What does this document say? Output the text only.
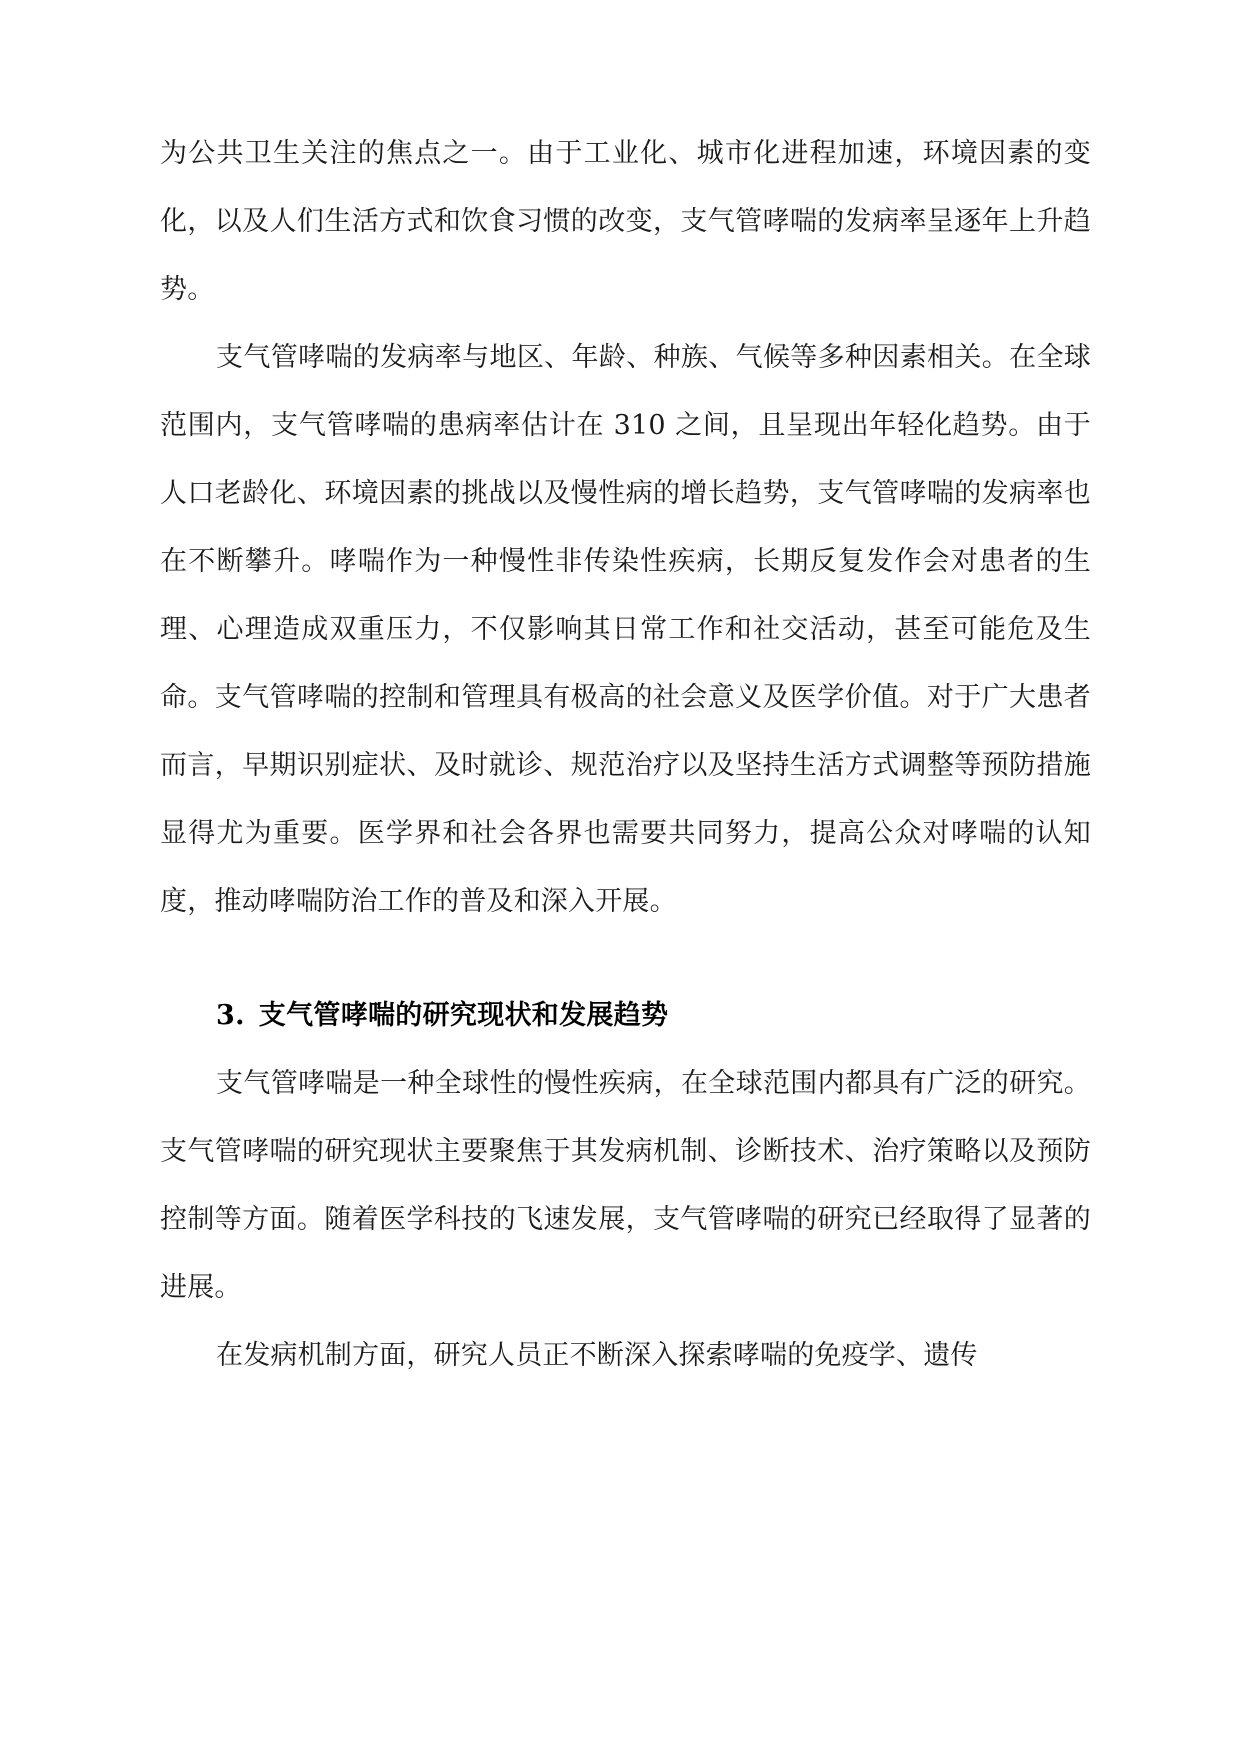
为公共卫生关注的焦点之一。由于工业化、城市化进程加速，环境因素的变化，以及人们生活方式和饮食习惯的改变，支气管哮喘的发病率呈逐年上升趋势。

支气管哮喘的发病率与地区、年龄、种族、气候等多种因素相关。在全球范围内，支气管哮喘的患病率估计在 310 之间，且呈现出年轻化趋势。由于人口老龄化、环境因素的挑战以及慢性病的增长趋势，支气管哮喘的发病率也在不断攀升。哮喘作为一种慢性非传染性疾病，长期反复发作会对患者的生理、心理造成双重压力，不仅影响其日常工作和社交活动，甚至可能危及生命。支气管哮喘的控制和管理具有极高的社会意义及医学价值。对于广大患者而言，早期识别症状、及时就诊、规范治疗以及坚持生活方式调整等预防措施显得尤为重要。医学界和社会各界也需要共同努力，提高公众对哮喘的认知度，推动哮喘防治工作的普及和深入开展。

3. 支气管哮喘的研究现状和发展趋势

支气管哮喘是一种全球性的慢性疾病，在全球范围内都具有广泛的研究。支气管哮喘的研究现状主要聚焦于其发病机制、诊断技术、治疗策略以及预防控制等方面。随着医学科技的飞速发展，支气管哮喘的研究已经取得了显著的进展。

在发病机制方面，研究人员正不断深入探索哮喘的免疫学、遗传
